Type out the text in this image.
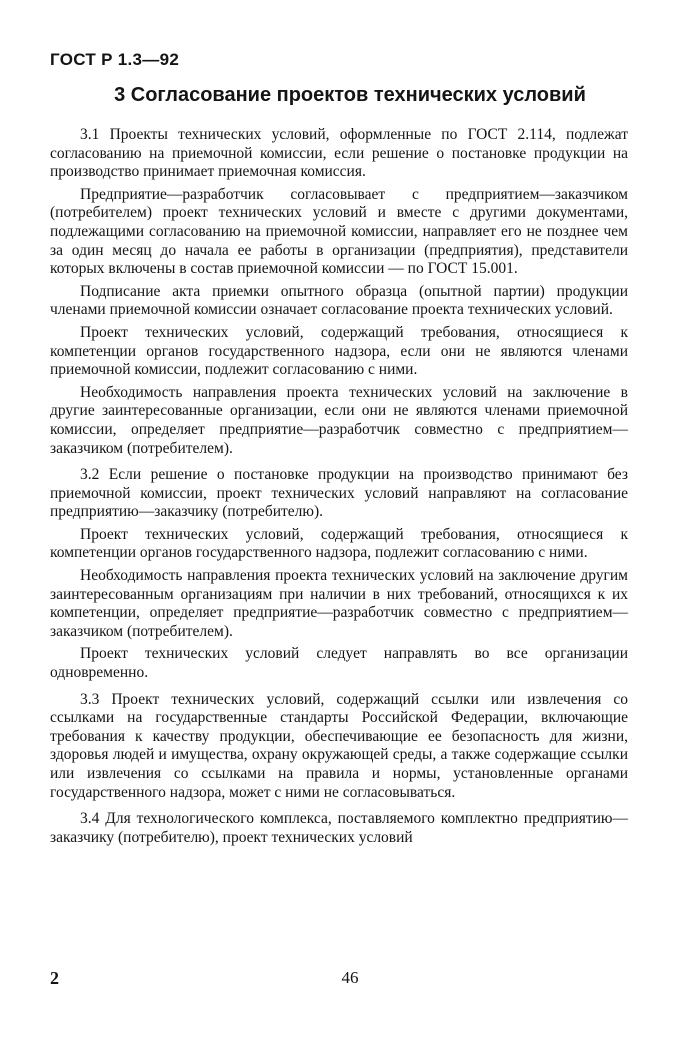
ГОСТ Р 1.3—92
3 Согласование проектов технических условий

3.1 Проекты технических условий, оформленные по ГОСТ 2.114, подлежат согласованию на приемочной комиссии, если решение о постановке продукции на производство принимает приемочная комиссия.

Предприятие—разработчик согласовывает с предприятием—заказчиком (потребителем) проект технических условий и вместе с другими документами, подлежащими согласованию на приемочной комиссии, направляет его не позднее чем за один месяц до начала ее работы в организации (предприятия), представители которых включены в состав приемочной комиссии — по ГОСТ 15.001.

Подписание акта приемки опытного образца (опытной партии) продукции членами приемочной комиссии означает согласование проекта технических условий.

Проект технических условий, содержащий требования, относящиеся к компетенции органов государственного надзора, если они не являются членами приемочной комиссии, подлежит согласованию с ними.

Необходимость направления проекта технических условий на заключение в другие заинтересованные организации, если они не являются членами приемочной комиссии, определяет предприятие—разработчик совместно с предприятием—заказчиком (потребителем).

3.2 Если решение о постановке продукции на производство принимают без приемочной комиссии, проект технических условий направляют на согласование предприятию—заказчику (потребителю).

Проект технических условий, содержащий требования, относящиеся к компетенции органов государственного надзора, подлежит согласованию с ними.

Необходимость направления проекта технических условий на заключение другим заинтересованным организациям при наличии в них требований, относящихся к их компетенции, определяет предприятие—разработчик совместно с предприятием—заказчиком (потребителем).

Проект технических условий следует направлять во все организации одновременно.

3.3 Проект технических условий, содержащий ссылки или извлечения со ссылками на государственные стандарты Российской Федерации, включающие требования к качеству продукции, обеспечивающие ее безопасность для жизни, здоровья людей и имущества, охрану окружающей среды, а также содержащие ссылки или извлечения со ссылками на правила и нормы, установленные органами государственного надзора, может с ними не согласовываться.

3.4 Для технологического комплекса, поставляемого комплектно предприятию—заказчику (потребителю), проект технических условий

2	46
